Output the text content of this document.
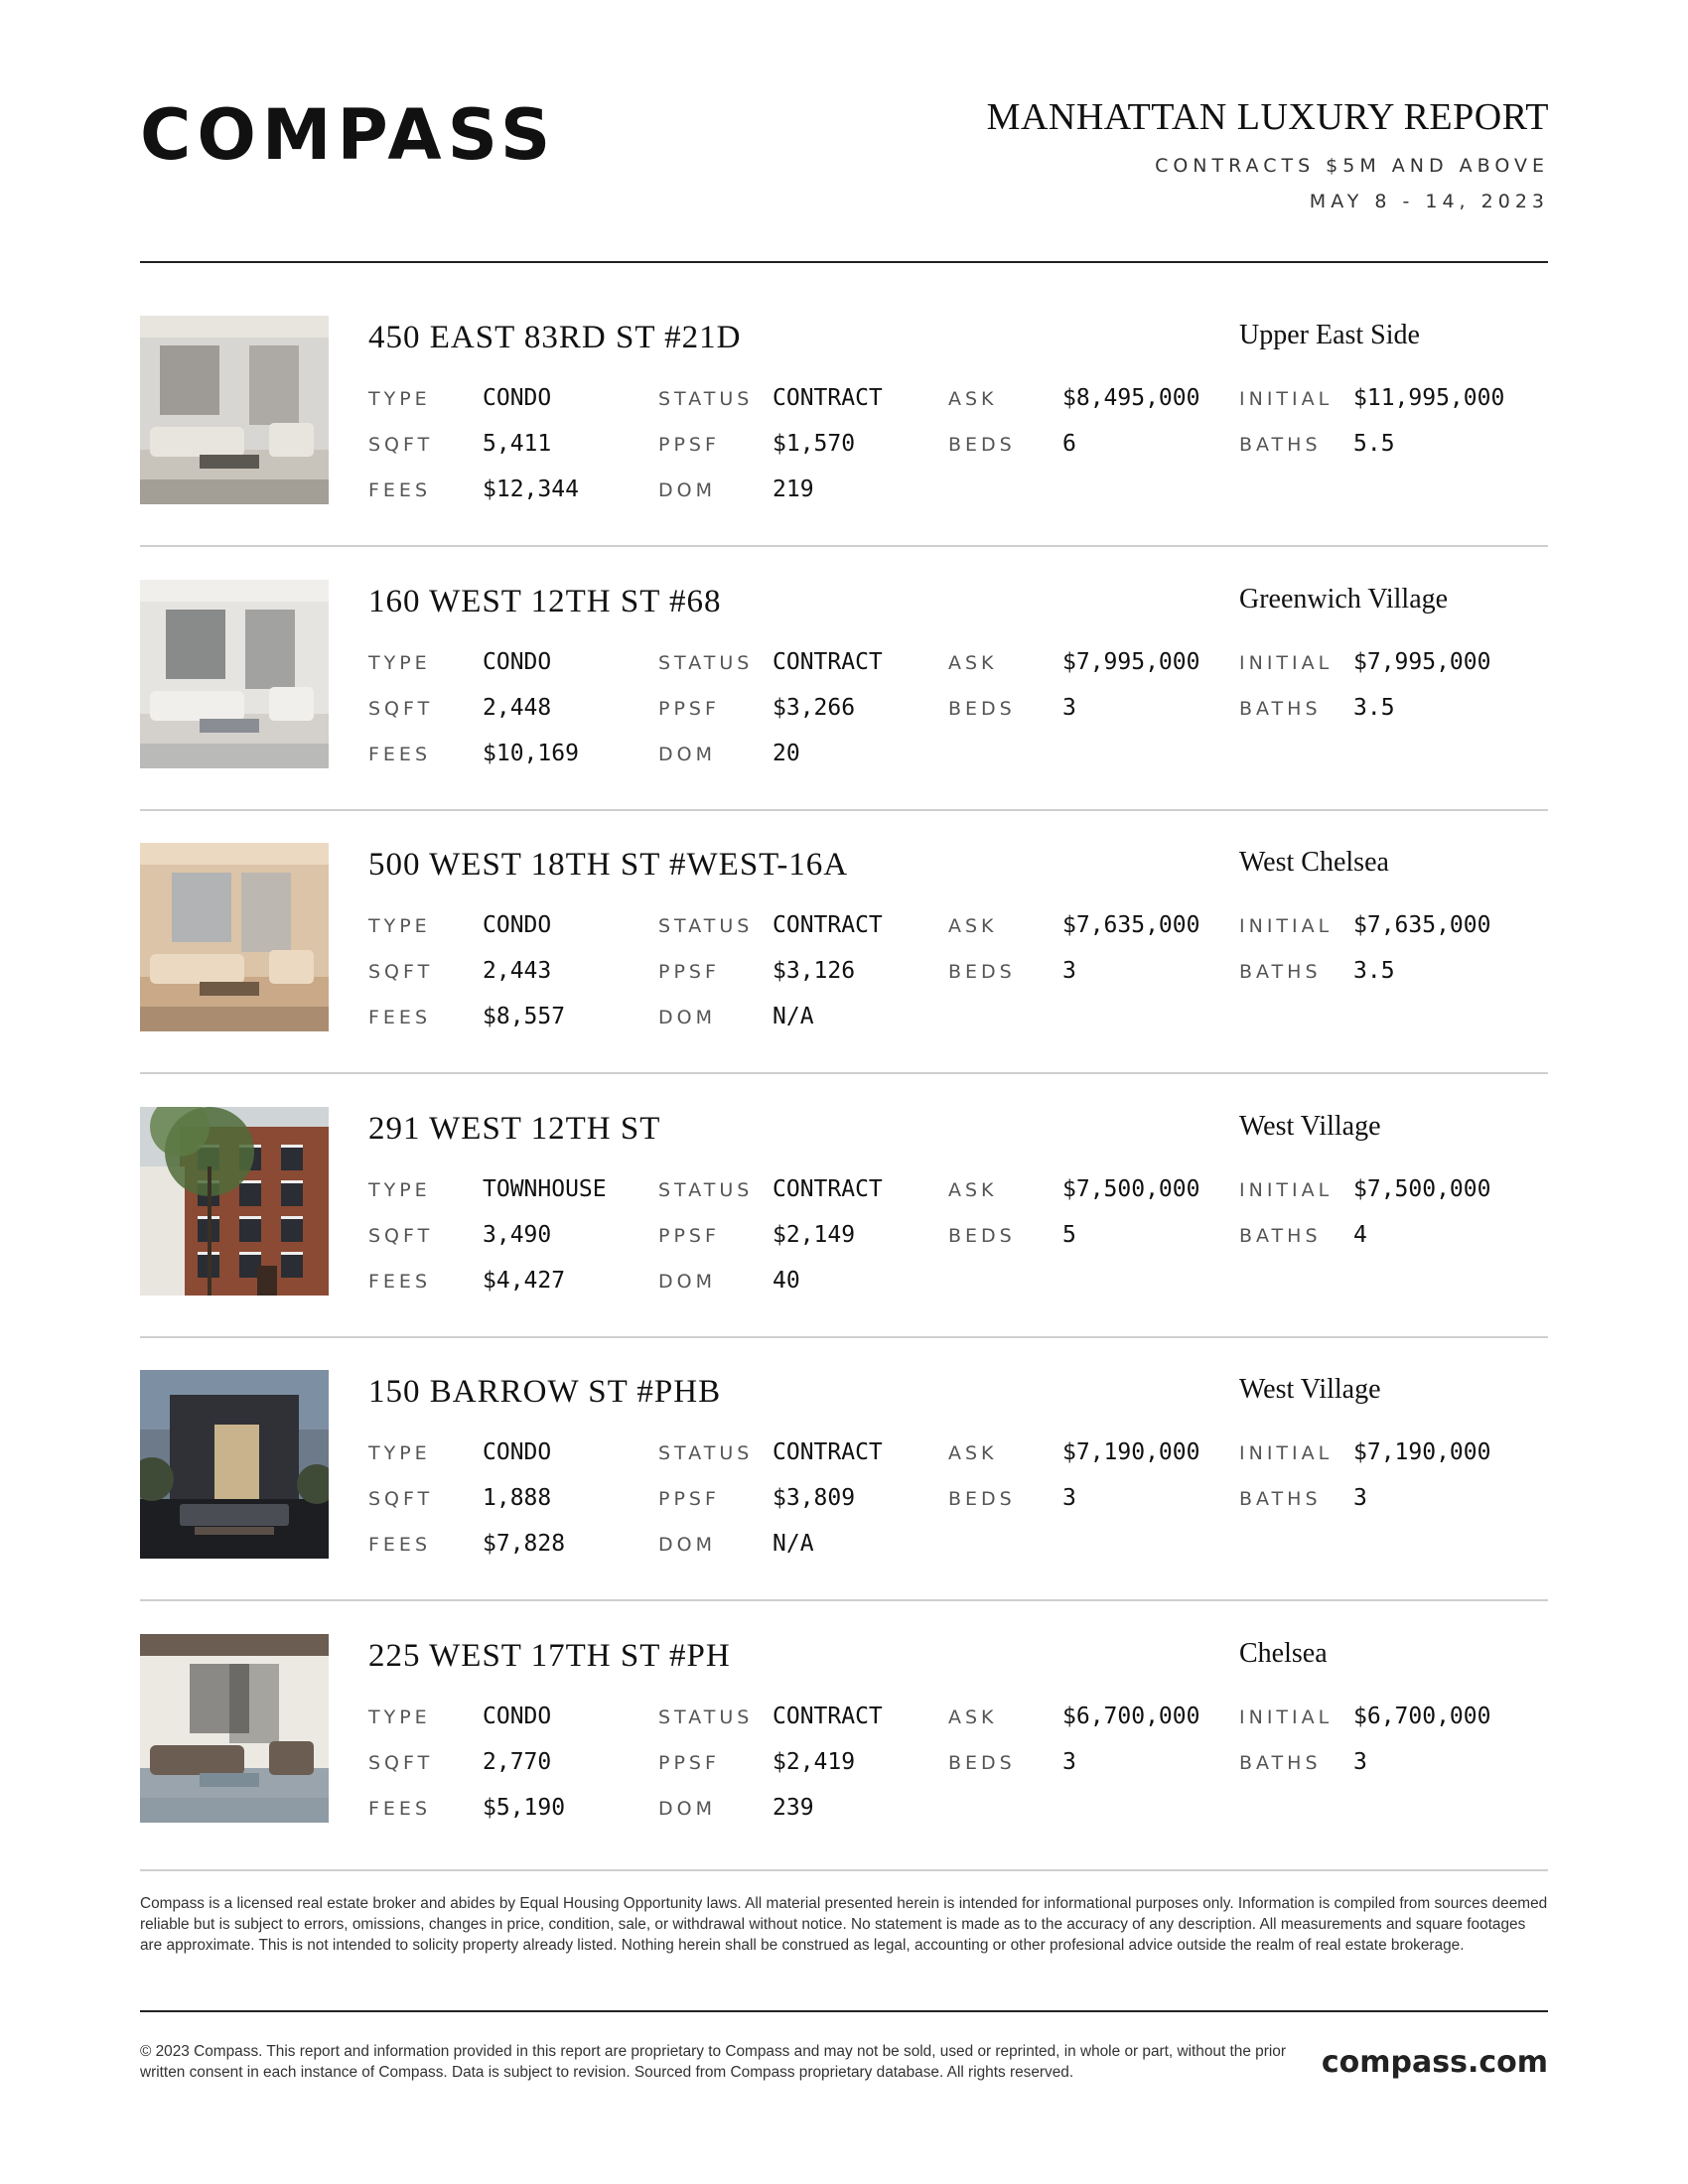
COMPASS	MANHATTAN LUXURY REPORT
CONTRACTS $5M AND ABOVE
MAY 8 - 14, 2023
450 EAST 83RD ST #21D	Upper East Side
TYPE CONDO	STATUS CONTRACT	ASK	$8,495,000 INITIAL $11,995,000
SQFT 5,411	PPSF $1,570	BEDS 6	BATHS 5.5
FEES $12,344	DOM 219
160 WEST 12TH ST #68	Greenwich Village
TYPE CONDO	STATUS CONTRACT	ASK	$7,995,000 INITIAL $7,995,000
SQFT 2,448	PPSF $3,266	BEDS 3	BATHS 3.5
FEES $10,169	DOM 20
500 WEST 18TH ST #WEST-16A	West Chelsea
TYPE CONDO	STATUS CONTRACT	ASK	$7,635,000 INITIAL $7,635,000
SQFT 2,443	PPSF $3,126	BEDS 3	BATHS 3.5
FEES $8,557	DOM N/A
291 WEST 12TH ST	West Village
TYPE TOWNHOUSE	STATUS CONTRACT	ASK	$7,500,000 INITIAL $7,500,000
SQFT 3,490	PPSF $2,149	BEDS 5	BATHS 4
FEES $4,427	DOM 40
150 BARROW ST #PHB	West Village
TYPE CONDO	STATUS CONTRACT	ASK	$7,190,000 INITIAL $7,190,000
SQFT 1,888	PPSF $3,809	BEDS 3	BATHS 3
FEES $7,828	DOM N/A
225 WEST 17TH ST #PH	Chelsea
TYPE CONDO	STATUS CONTRACT	ASK	$6,700,000 INITIAL $6,700,000
SQFT 2,770	PPSF $2,419	BEDS 3	BATHS 3
FEES $5,190	DOM 239
Compass is a licensed real estate broker and abides by Equal Housing Opportunity laws. All material presented herein is intended for informational purposes only. Information is compiled from sources deemed reliable but is subject to errors, omissions, changes in price, condition, sale, or withdrawal without notice. No statement is made as to the accuracy of any description. All measurements and square footages are approximate. This is not intended to solicity property already listed. Nothing herein shall be construed as legal, accounting or other profesional advice outside the realm of real estate brokerage.
© 2023 Compass. This report and information provided in this report are proprietary to Compass and may not be sold, used or reprinted, in whole or part, without the prior written consent in each instance of Compass. Data is subject to revision. Sourced from Compass proprietary database. All rights reserved.	compass.com
